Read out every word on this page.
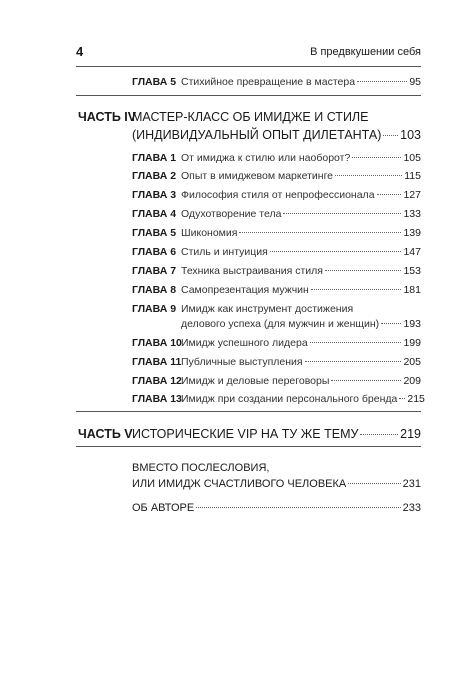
4	В предвкушении себя
ГЛАВА 5 Стихийное превращение в мастера	95
ЧАСТЬ IV
МАСТЕР-КЛАСС ОБ ИМИДЖЕ И СТИЛЕ
(ИНДИВИДУАЛЬНЫЙ ОПЫТ ДИЛЕТАНТА) 103
ГЛАВА 1 От имиджа к стилю или наоборот?	105
ГЛАВА 2 Опыт в имиджевом маркетинге	115
ГЛАВА 3 Философия стиля от непрофессионала	127
ГЛАВА 4 Одухотворение тела	133
ГЛАВА 5 Шикономия	139
ГЛАВА 6 Стиль и интуиция	147
ГЛАВА 7 Техника выстраивания стиля	153
ГЛАВА 8 Самопрезентация мужчин	181
ГЛАВА 9 Имидж как инструмент достижения
делового успеха (для мужчин и женщин) 193
ГЛАВА 10 Имидж успешного лидера	199
ГЛАВА 11 Публичные выступления	205
ГЛАВА 12 Имидж и деловые переговоры	209
ГЛАВА 13 Имидж при создании персонального бренда 215
ЧАСТЬ V ИСТОРИЧЕСКИЕ VIP НА ТУ ЖЕ ТЕМУ	219
ВМЕСТО ПОСЛЕСЛОВИЯ,
ИЛИ ИМИДЖ СЧАСТЛИВОГО ЧЕЛОВЕКА	231
ОБ АВТОРЕ	233
